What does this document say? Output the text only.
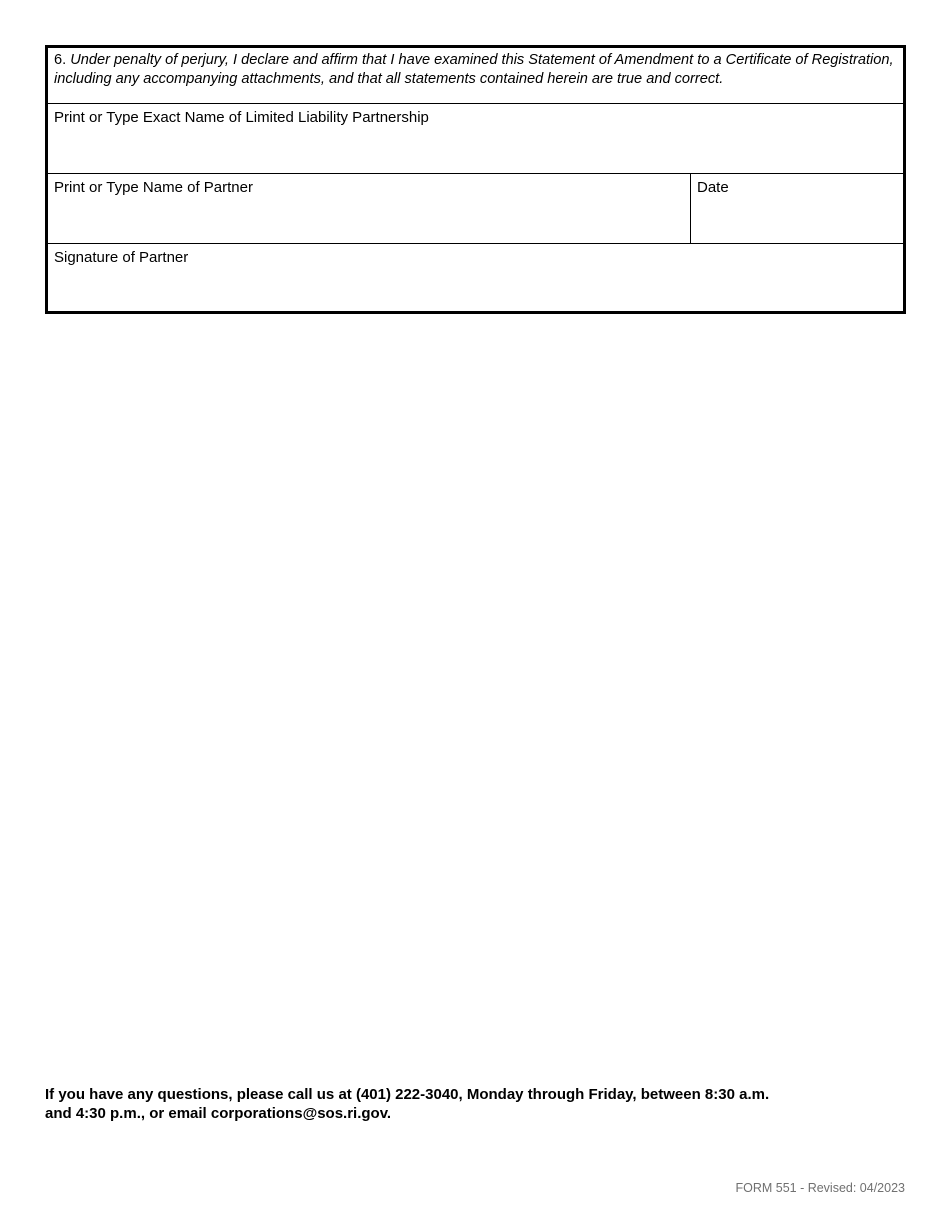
6. Under penalty of perjury, I declare and affirm that I have examined this Statement of Amendment to a Certificate of Registration, including any accompanying attachments, and that all statements contained herein are true and correct.
Print or Type Exact Name of Limited Liability Partnership
Print or Type Name of Partner	Date
Signature of Partner

If you have any questions, please call us at (401) 222-3040, Monday through Friday, between 8:30 a.m.
and 4:30 p.m., or email corporations@sos.ri.gov.

FORM 551 - Revised: 04/2023
